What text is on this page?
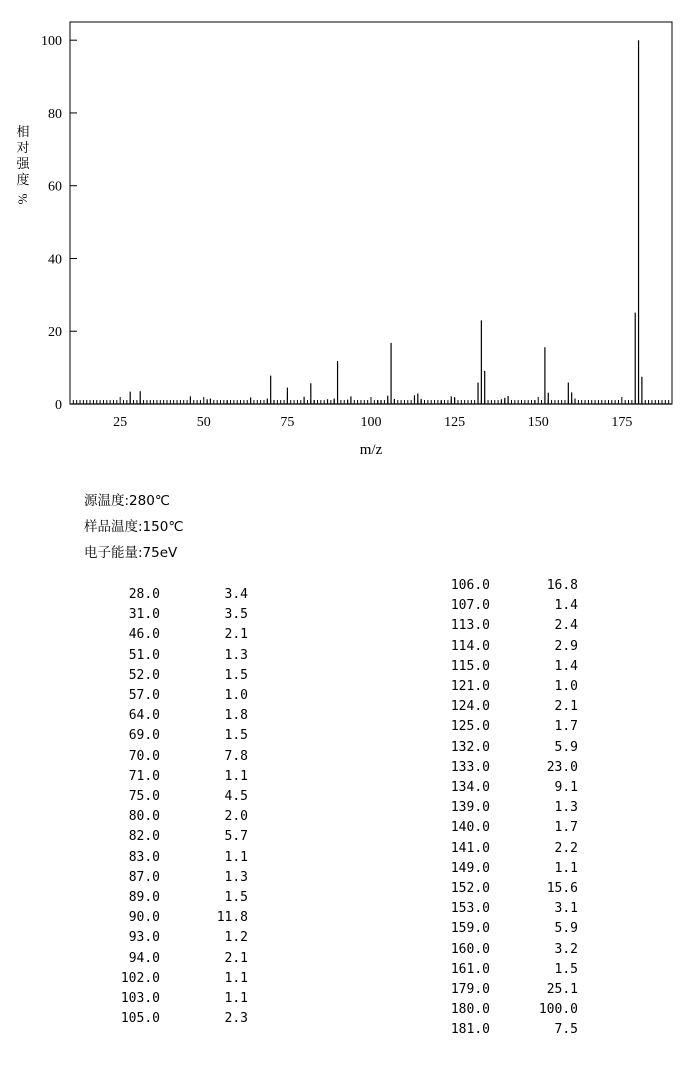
0
20
40
60
80
100
25	50	75	100	125	150	175
m/z
相
对
强
度
%
源温度:280℃
样品温度:150℃
电子能量:75eV
28.0	3.4
31.0	3.5
46.0	2.1
51.0	1.3
52.0	1.5
57.0	1.0
64.0	1.8
69.0	1.5
70.0	7.8
71.0	1.1
75.0	4.5
80.0	2.0
82.0	5.7
83.0	1.1
87.0	1.3
89.0	1.5
90.0	11.8
93.0	1.2
94.0	2.1
102.0	1.1
103.0	1.1
105.0	2.3
106.0	16.8
107.0	1.4
113.0	2.4
114.0	2.9
115.0	1.4
121.0	1.0
124.0	2.1
125.0	1.7
132.0	5.9
133.0	23.0
134.0	9.1
139.0	1.3
140.0	1.7
141.0	2.2
149.0	1.1
152.0	15.6
153.0	3.1
159.0	5.9
160.0	3.2
161.0	1.5
179.0	25.1
180.0	100.0
181.0	7.5
